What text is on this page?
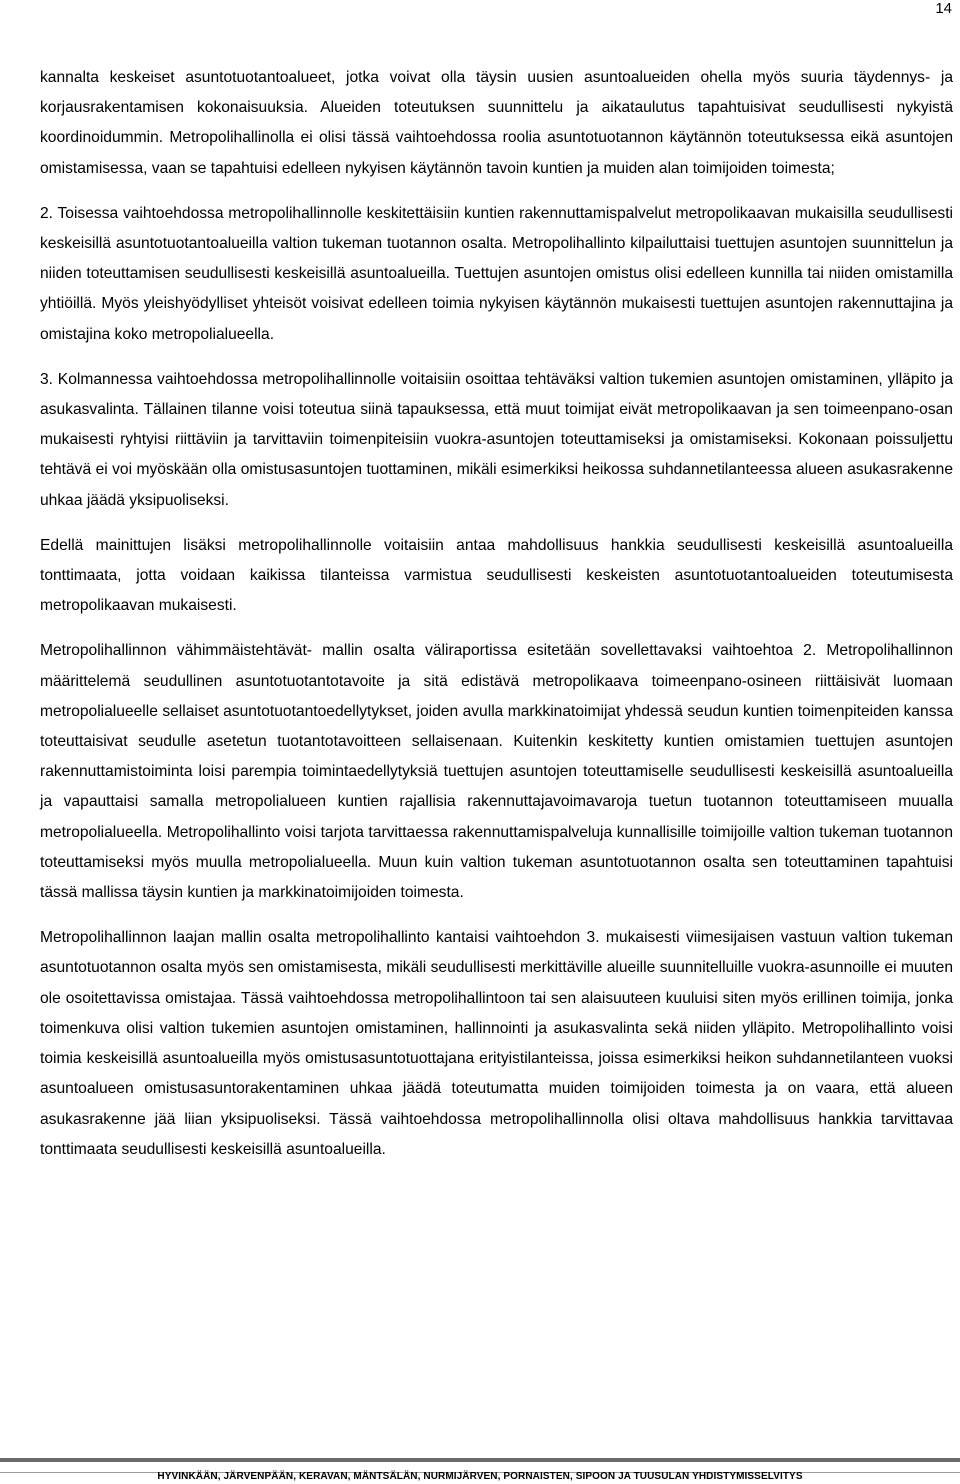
14

kannalta keskeiset asuntotuotantoalueet, jotka voivat olla täysin uusien asuntoalueiden ohella myös suuria täydennys- ja korjausrakentamisen kokonaisuuksia. Alueiden toteutuksen suunnittelu ja aikataulutus tapahtuisivat seudullisesti nykyistä koordinoidummin. Metropolihallinolla ei olisi tässä vaihtoehdossa roolia asuntotuotannon käytännön toteutuksessa eikä asuntojen omistamisessa, vaan se tapahtuisi edelleen nykyisen käytännön tavoin kuntien ja muiden alan toimijoiden toimesta;

2. Toisessa vaihtoehdossa metropolihallinnolle keskitettäisiin kuntien rakennuttamispalvelut metropolikaavan mukaisilla seudullisesti keskeisillä asuntotuotantoalueilla valtion tukeman tuotannon osalta. Metropolihallinto kilpailuttaisi tuettujen asuntojen suunnittelun ja niiden toteuttamisen seudullisesti keskeisillä asuntoalueilla. Tuettujen asuntojen omistus olisi edelleen kunnilla tai niiden omistamilla yhtiöillä. Myös yleishyödylliset yhteisöt voisivat edelleen toimia nykyisen käytännön mukaisesti tuettujen asuntojen rakennuttajina ja omistajina koko metropolialueella.

3. Kolmannessa vaihtoehdossa metropolihallinnolle voitaisiin osoittaa tehtäväksi valtion tukemien asuntojen omistaminen, ylläpito ja asukasvalinta. Tällainen tilanne voisi toteutua siinä tapauksessa, että muut toimijat eivät metropolikaavan ja sen toimeenpano-osan mukaisesti ryhtyisi riittäviin ja tarvittaviin toimenpiteisiin vuokra-asuntojen toteuttamiseksi ja omistamiseksi. Kokonaan poissuljettu tehtävä ei voi myöskään olla omistusasuntojen tuottaminen, mikäli esimerkiksi heikossa suhdannetilanteessa alueen asukasrakenne uhkaa jäädä yksipuoliseksi.

Edellä mainittujen lisäksi metropolihallinnolle voitaisiin antaa mahdollisuus hankkia seudullisesti keskeisillä asuntoalueilla tonttimaata, jotta voidaan kaikissa tilanteissa varmistua seudullisesti keskeisten asuntotuotantoalueiden toteutumisesta metropolikaavan mukaisesti.

Metropolihallinnon vähimmäistehtävät- mallin osalta väliraportissa esitetään sovellettavaksi vaihtoehtoa 2. Metropolihallinnon määrittelemä seudullinen asuntotuotantotavoite ja sitä edistävä metropolikaava toimeenpano-osineen riittäisivät luomaan metropolialueelle sellaiset asuntotuotantoedellytykset, joiden avulla markkinatoimijat yhdessä seudun kuntien toimenpiteiden kanssa toteuttaisivat seudulle asetetun tuotantotavoitteen sellaisenaan. Kuitenkin keskitetty kuntien omistamien tuettujen asuntojen rakennuttamistoiminta loisi parempia toimintaedellytyksiä tuettujen asuntojen toteuttamiselle seudullisesti keskeisillä asuntoalueilla ja vapauttaisi samalla metropolialueen kuntien rajallisia rakennuttajavoimavaroja tuetun tuotannon toteuttamiseen muualla metropolialueella. Metropolihallinto voisi tarjota tarvittaessa rakennuttamispalveluja kunnallisille toimijoille valtion tukeman tuotannon toteuttamiseksi myös muulla metropolialueella. Muun kuin valtion tukeman asuntotuotannon osalta sen toteuttaminen tapahtuisi tässä mallissa täysin kuntien ja markkinatoimijoiden toimesta.

Metropolihallinnon laajan mallin osalta metropolihallinto kantaisi vaihtoehdon 3. mukaisesti viimesijaisen vastuun valtion tukeman asuntotuotannon osalta myös sen omistamisesta, mikäli seudullisesti merkittäville alueille suunnitelluille vuokra-asunnoille ei muuten ole osoitettavissa omistajaa. Tässä vaihtoehdossa metropolihallintoon tai sen alaisuuteen kuuluisi siten myös erillinen toimija, jonka toimenkuva olisi valtion tukemien asuntojen omistaminen, hallinnointi ja asukasvalinta sekä niiden ylläpito. Metropolihallinto voisi toimia keskeisillä asuntoalueilla myös omistusasuntotuottajana erityistilanteissa, joissa esimerkiksi heikon suhdannetilanteen vuoksi asuntoalueen omistusasuntorakentaminen uhkaa jäädä toteutumatta muiden toimijoiden toimesta ja on vaara, että alueen asukasrakenne jää liian yksipuoliseksi. Tässä vaihtoehdossa metropolihallinnolla olisi oltava mahdollisuus hankkia tarvittavaa tonttimaata seudullisesti keskeisillä asuntoalueilla.

HYVINKÄÄN, JÄRVENPÄÄN, KERAVAN, MÄNTSÄLÄN, NURMIJÄRVEN, PORNAISTEN, SIPOON JA TUUSULAN YHDISTYMISSELVITYS
